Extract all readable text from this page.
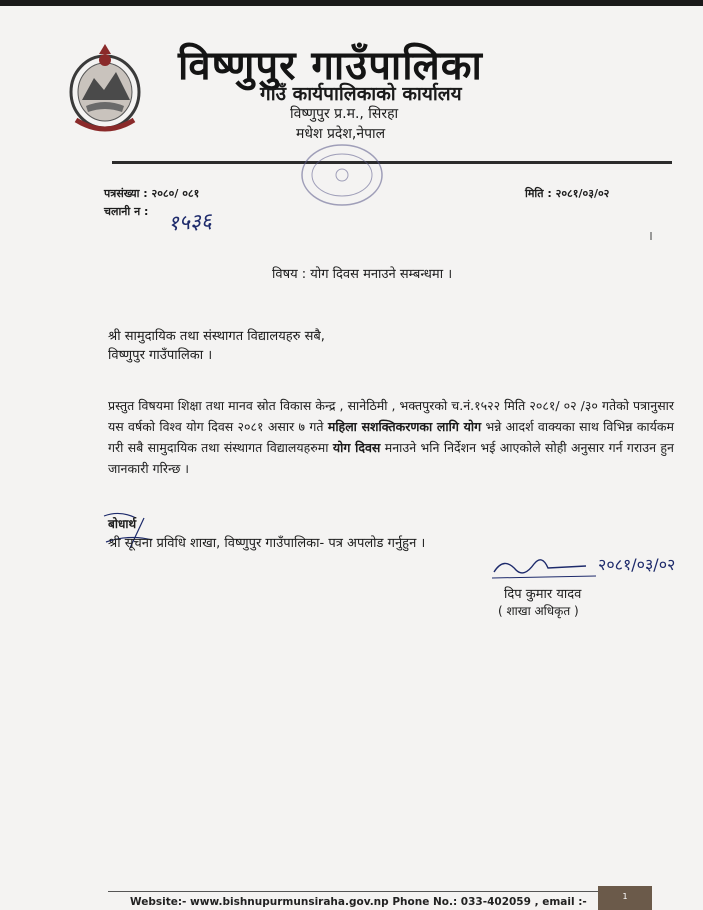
विष्णुपुर गाउँपालिका
गाउँ कार्यपालिकाको कार्यालय
विष्णुपुर प्र.म., सिरहा
मधेश प्रदेश,नेपाल
पत्रसंख्या : २०८०/ ०८१
चलानी न : १५३६
मिति : २०८१/०३/०२
विषय : योग दिवस मनाउने सम्बन्धमा ।
श्री सामुदायिक तथा संस्थागत विद्यालयहरु सबै,
विष्णुपुर गाउँपालिका ।

प्रस्तुत विषयमा शिक्षा तथा मानव स्रोत विकास केन्द्र , सानेठिमी , भक्तपुरको च.नं.१५२२ मिति २०८१/ ०२ /३० गतेको पत्रानुसार यस वर्षको विश्व योग दिवस २०८१ असार ७ गते महिला सशक्तिकरणका लागि योग भन्ने आदर्श वाक्यका साथ विभिन्न कार्यकम गरी सबै सामुदायिक तथा संस्थागत विद्यालयहरुमा योग दिवस मनाउने भनि निर्देशन भई आएकोले सोही अनुसार गर्न गराउन हुन जानकारी गरिन्छ ।

बोधार्थ
श्री सूचना प्रविधि शाखा, विष्णुपुर गाउँपालिका- पत्र अपलोड गर्नुहुन ।
२०८१/०३/०२
दिप कुमार यादव
( शाखा अधिकृत )
Website:- www.bishnupurmunsiraha.gov.np Phone No.: 033-402059 , email :-	1
